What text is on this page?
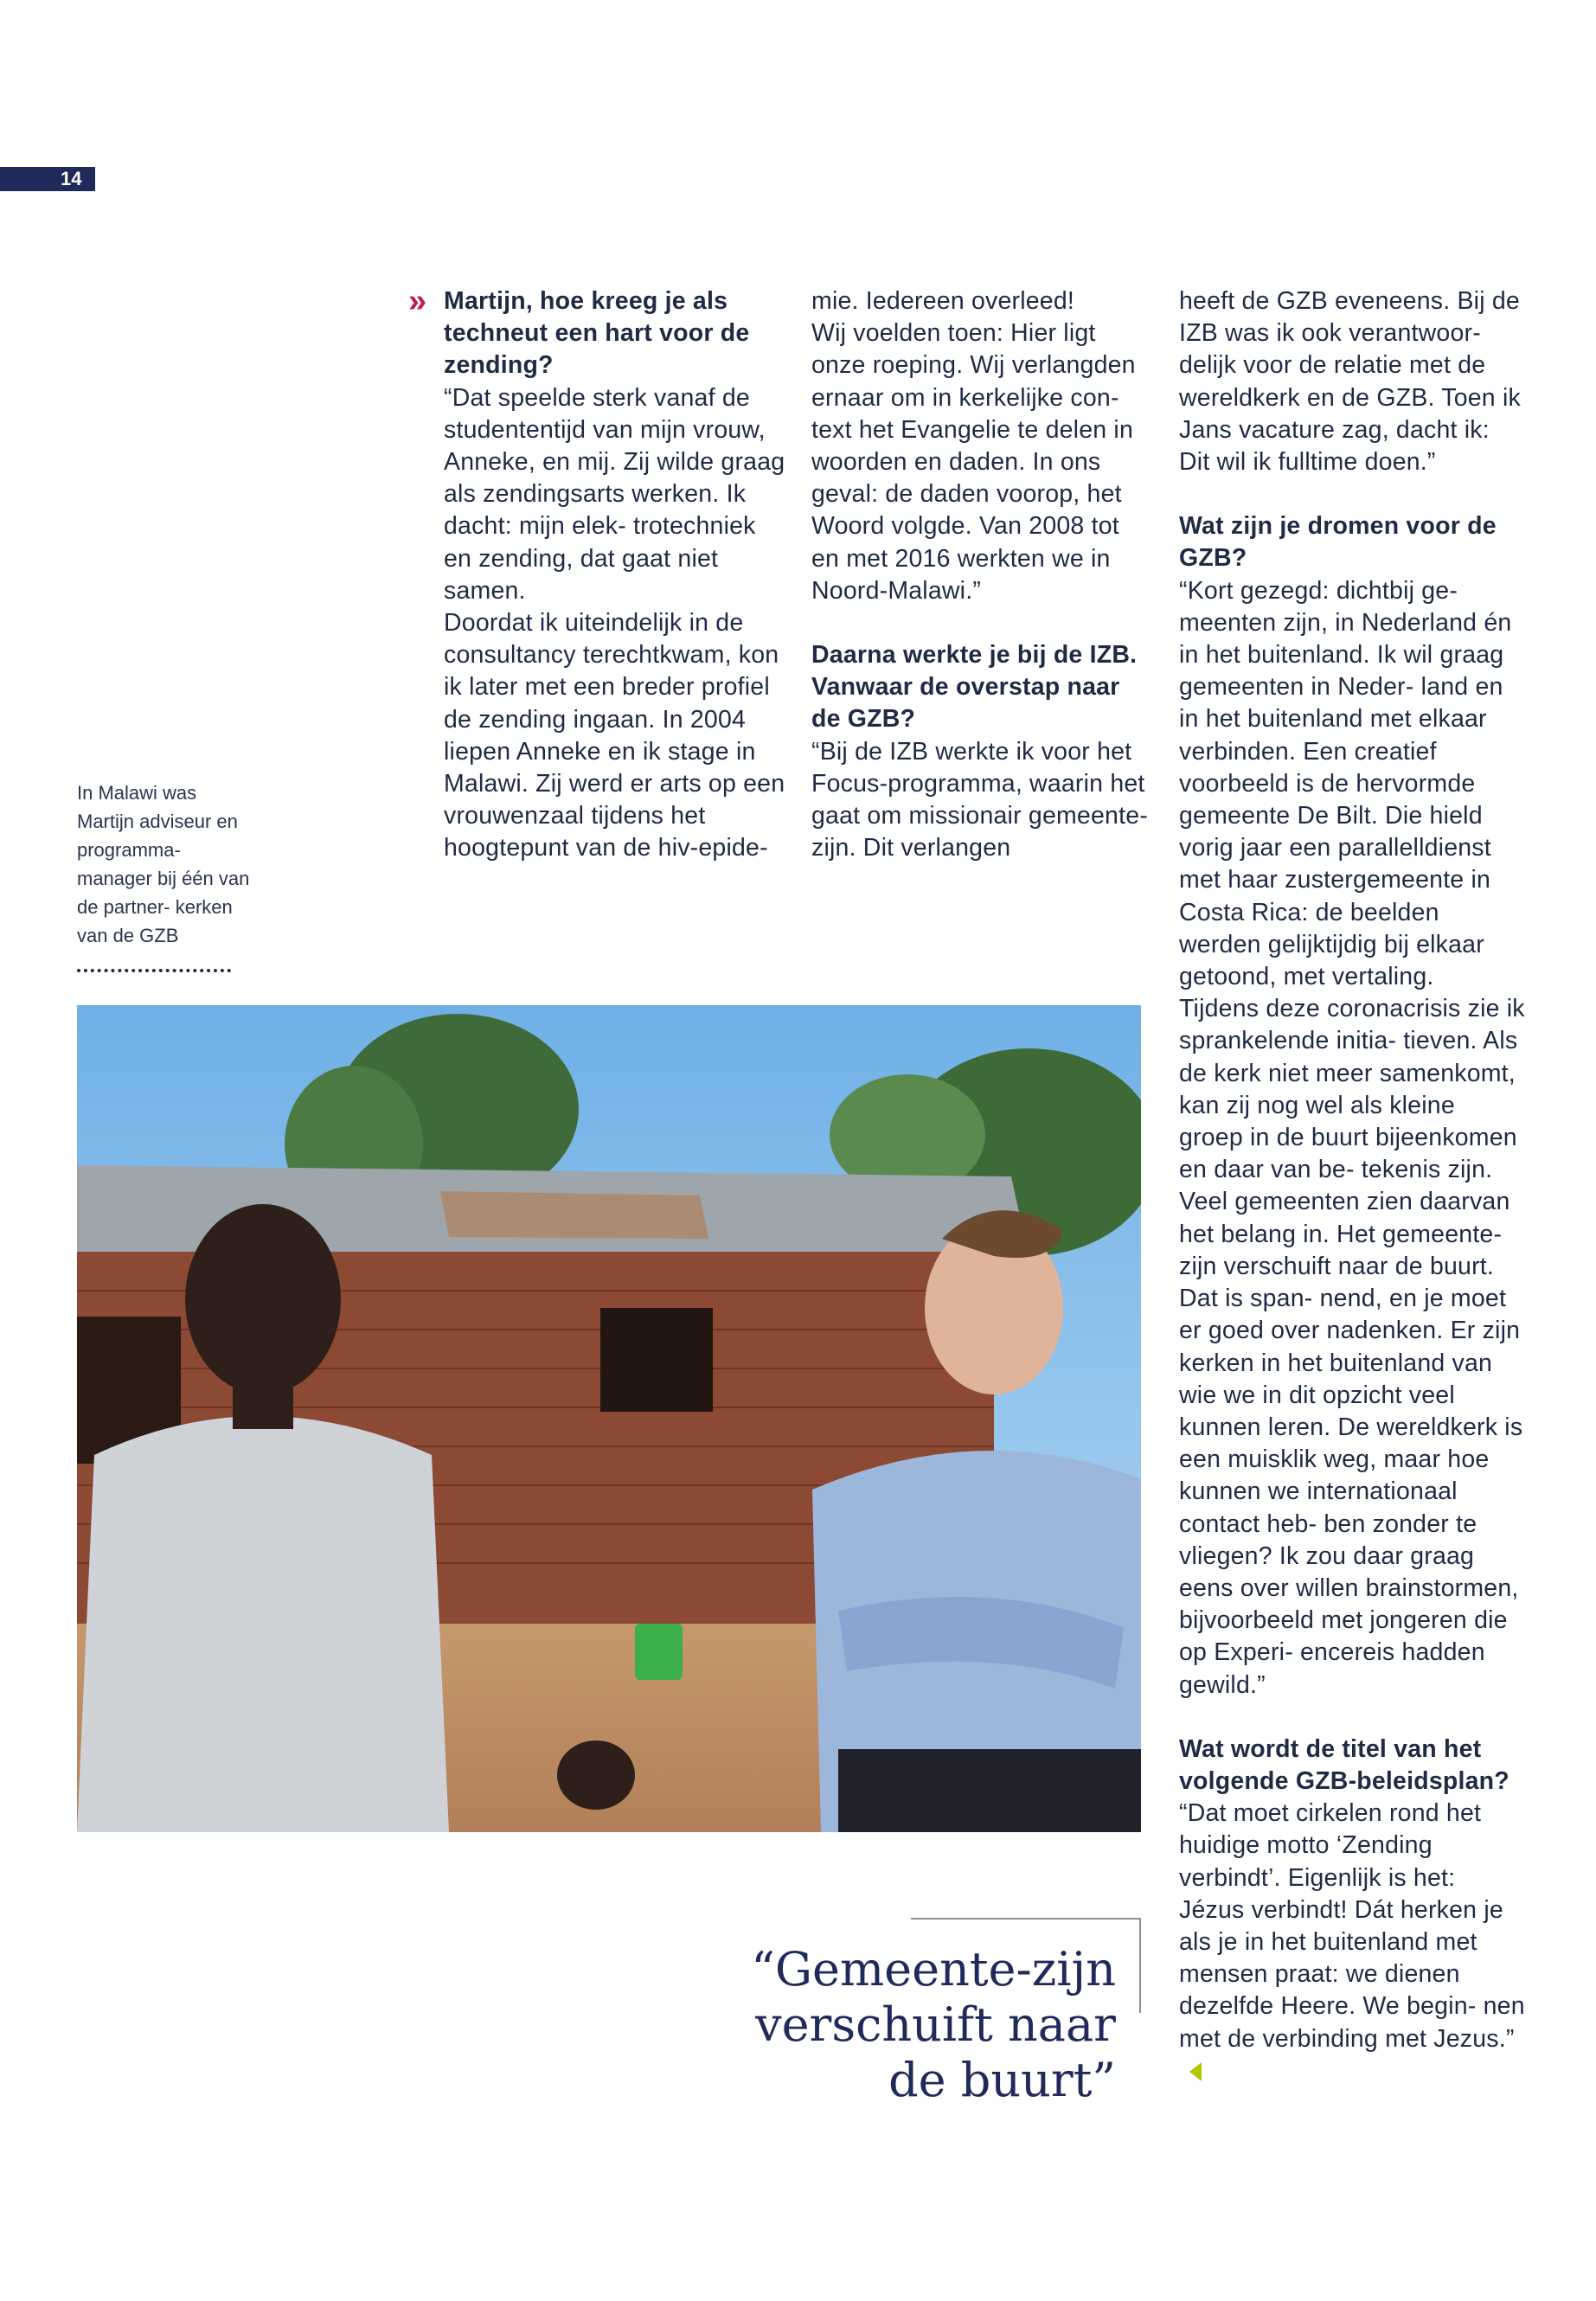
14
» Martijn, hoe kreeg je als techneut een hart voor de zending?

“Dat speelde sterk vanaf de studententijd van mijn vrouw, Anneke, en mij. Zij wilde graag als zendingsarts werken. Ik dacht: mijn elek- trotechniek en zending, dat gaat niet samen.

Doordat ik uiteindelijk in de consultancy terechtkwam, kon ik later met een breder profiel de zending ingaan. In 2004 liepen Anneke en ik stage in Malawi. Zij werd er arts op een vrouwenzaal tijdens het hoogtepunt van de hiv-epide-

mie. Iedereen overleed!

Wij voelden toen: Hier ligt onze roeping. Wij verlangden ernaar om in kerkelijke con- text het Evangelie te delen in woorden en daden. In ons geval: de daden voorop, het Woord volgde. Van 2008 tot en met 2016 werkten we in Noord-Malawi.”

Daarna werkte je bij de IZB. Vanwaar de overstap naar de GZB?

“Bij de IZB werkte ik voor het Focus-programma, waarin het gaat om missionair gemeente-zijn. Dit verlangen

heeft de GZB eveneens. Bij de IZB was ik ook verantwoor- delijk voor de relatie met de wereldkerk en de GZB. Toen ik Jans vacature zag, dacht ik: Dit wil ik fulltime doen.”

Wat zijn je dromen voor de GZB?

“Kort gezegd: dichtbij ge- meenten zijn, in Nederland én in het buitenland. Ik wil graag gemeenten in Neder- land en in het buitenland met elkaar verbinden. Een creatief voorbeeld is de hervormde gemeente De Bilt. Die hield vorig jaar een parallelldienst met haar zustergemeente in Costa Rica: de beelden werden gelijktijdig bij elkaar getoond, met vertaling.

Tijdens deze coronacrisis zie ik sprankelende initia- tieven. Als de kerk niet meer samenkomt, kan zij nog wel als kleine groep in de buurt bijeenkomen en daar van be- tekenis zijn. Veel gemeenten zien daarvan het belang in. Het gemeente-zijn verschuift naar de buurt. Dat is span- nend, en je moet er goed over nadenken. Er zijn kerken in het buitenland van wie we in dit opzicht veel kunnen leren. De wereldkerk is een muisklik weg, maar hoe kunnen we internationaal contact heb- ben zonder te vliegen? Ik zou daar graag eens over willen brainstormen, bijvoorbeeld met jongeren die op Experi- encereis hadden gewild.”

Wat wordt de titel van het volgende GZB-beleidsplan?

“Dat moet cirkelen rond het huidige motto ‘Zending verbindt’. Eigenlijk is het: Jézus verbindt! Dát herken je als je in het buitenland met mensen praat: we dienen dezelfde Heere. We begin- nen met de verbinding met Jezus.”

In Malawi was Martijn adviseur en programma- manager bij één van de partner- kerken van de GZB
“Gemeente-zijn verschuift naar de buurt”
